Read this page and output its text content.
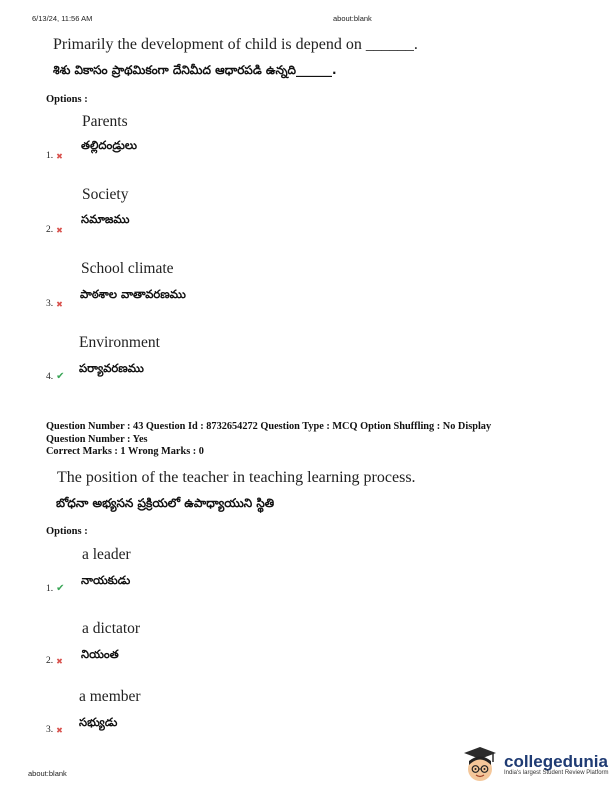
6/13/24, 11:56 AM	about:blank
Primarily the development of child is depend on ______.
శిశు వికాసం ప్రాథమికంగా దేనిమీద ఆధారపడి ఉన్నది______.
Options :
Parents
తల్లిదండ్రులు
1. ✖
Society
సమాజము
2. ✖
School climate
పాఠశాల వాతావరణము
3. ✖
Environment
పర్యావరణము
4. ✔
Question Number : 43 Question Id : 8732654272 Question Type : MCQ Option Shuffling : No Display
Question Number : Yes
Correct Marks : 1 Wrong Marks : 0
The position of the teacher in teaching learning process.
బోధనా అభ్యసన ప్రక్రియలో ఉపాధ్యాయుని స్థితి
Options :
a leader
నాయకుడు
1. ✔
a dictator
నియంత
2. ✖
a member
సభ్యుడు
3. ✖
about:blank
collegedunia
India's largest Student Review Platform
